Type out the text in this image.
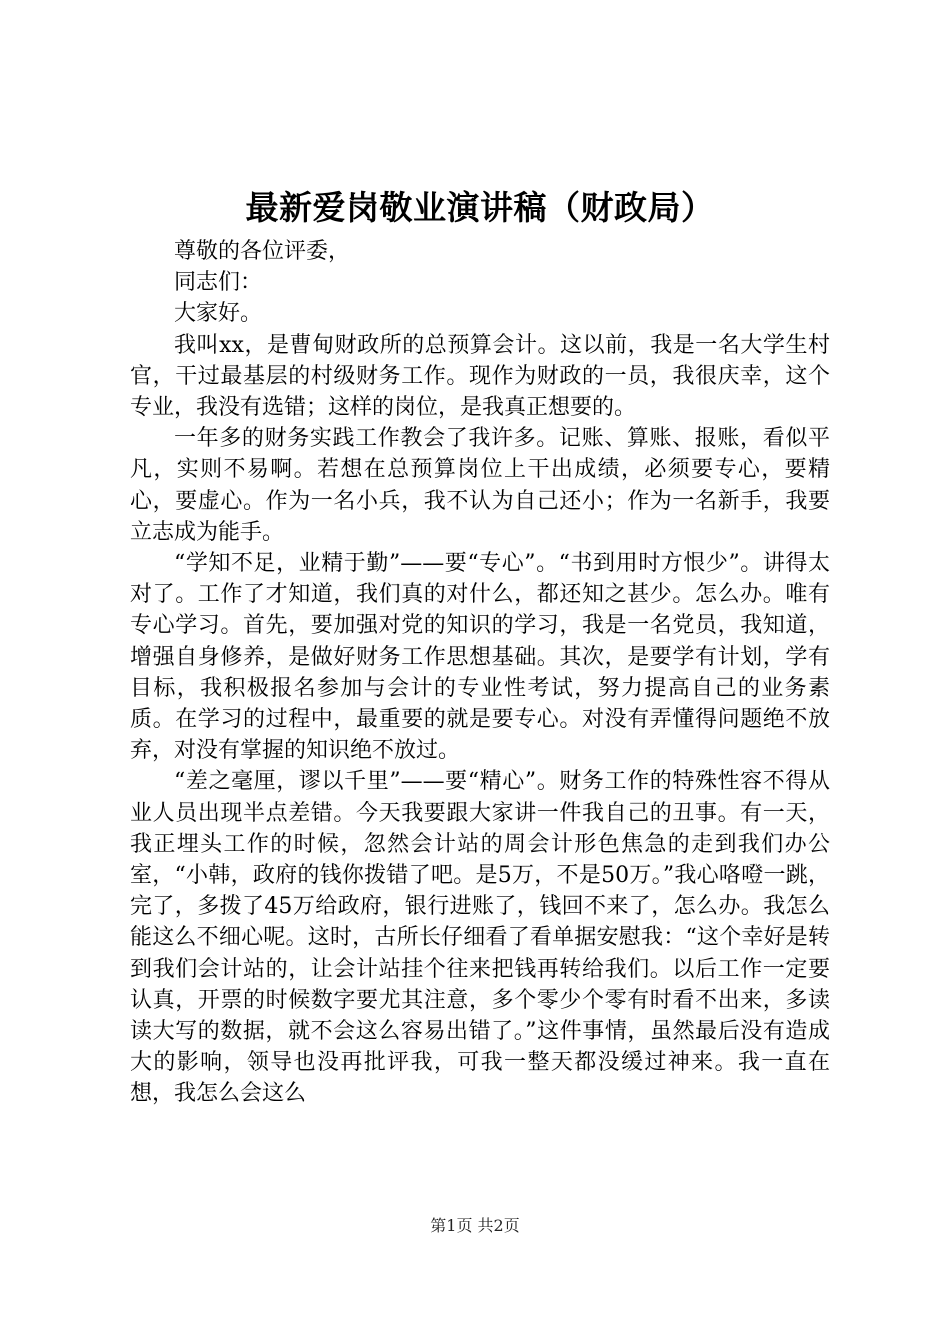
最新爱岗敬业演讲稿（财政局）

尊敬的各位评委，

同志们：

大家好。

我叫xx，是曹甸财政所的总预算会计。这以前，我是一名大学生村官，干过最基层的村级财务工作。现作为财政的一员，我很庆幸，这个专业，我没有选错；这样的岗位，是我真正想要的。

一年多的财务实践工作教会了我许多。记账、算账、报账，看似平凡，实则不易啊。若想在总预算岗位上干出成绩，必须要专心，要精心，要虚心。作为一名小兵，我不认为自己还小；作为一名新手，我要立志成为能手。

“学知不足，业精于勤”——要“专心”。“书到用时方恨少”。讲得太对了。工作了才知道，我们真的对什么，都还知之甚少。怎么办。唯有专心学习。首先，要加强对党的知识的学习，我是一名党员，我知道，增强自身修养，是做好财务工作思想基础。其次，是要学有计划，学有目标，我积极报名参加与会计的专业性考试，努力提高自己的业务素质。在学习的过程中，最重要的就是要专心。对没有弄懂得问题绝不放弃，对没有掌握的知识绝不放过。

“差之毫厘，谬以千里”——要“精心”。财务工作的特殊性容不得从业人员出现半点差错。今天我要跟大家讲一件我自己的丑事。有一天，我正埋头工作的时候，忽然会计站的周会计形色焦急的走到我们办公室，“小韩，政府的钱你拨错了吧。是5万，不是50万。”我心咯噔一跳，完了，多拨了45万给政府，银行进账了，钱回不来了，怎么办。我怎么能这么不细心呢。这时，古所长仔细看了看单据安慰我：“这个幸好是转到我们会计站的，让会计站挂个往来把钱再转给我们。以后工作一定要认真，开票的时候数字要尤其注意，多个零少个零有时看不出来，多读读大写的数据，就不会这么容易出错了。”这件事情，虽然最后没有造成大的影响，领导也没再批评我，可我一整天都没缓过神来。我一直在想，我怎么会这么

第1页 共2页
